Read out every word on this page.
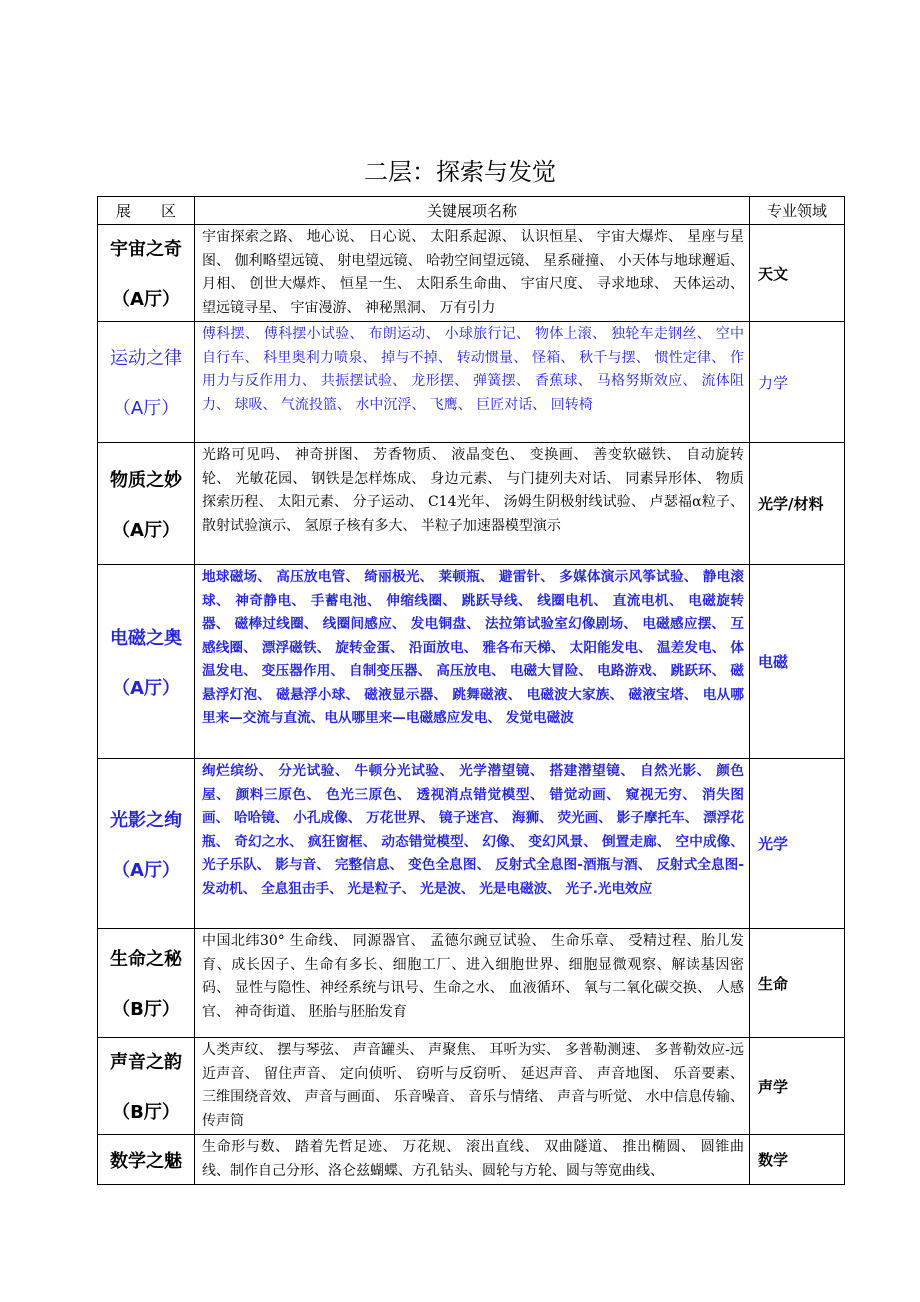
二层：探索与发觉
展　　区	关键展项名称	专业领域

宇宙之奇
（A厅）	宇宙探索之路、 地心说、 日心说、 太阳系起源、 认识恒星、 宇宙大爆炸、 星座与星图、 伽利略望远镜、 射电望远镜、 哈勃空间望远镜、 星系碰撞、 小天体与地球邂逅、 月相、 创世大爆炸、 恒星一生、 太阳系生命曲、 宇宙尺度、 寻求地球、 天体运动、 望远镜寻星、 宇宙漫游、 神秘黑洞、 万有引力	天文

运动之律
（A厅）	傅科摆、 傅科摆小试验、 布朗运动、 小球旅行记、 物体上滚、 独轮车走钢丝、 空中自行车、 科里奥利力喷泉、 掉与不掉、 转动惯量、 怪箱、 秋千与摆、 惯性定律、 作用力与反作用力、 共振摆试验、 龙形摆、 弹簧摆、 香蕉球、 马格努斯效应、 流体阻力、 球吸、 气流投篮、 水中沉浮、 飞鹰、 巨匠对话、 回转椅	力学

物质之妙
（A厅）	光路可见吗、 神奇拼图、 芳香物质、 液晶变色、 变换画、 善变软磁铁、 自动旋转轮、 光敏花园、 钢铁是怎样炼成、 身边元素、 与门捷列夫对话、 同素异形体、 物质探索历程、 太阳元素、 分子运动、 C14光年、 汤姆生阴极射线试验、 卢瑟福α粒子、 散射试验演示、 氢原子核有多大、 半粒子加速器模型演示	光学/材料

电磁之奥
（A厅）	地球磁场、 高压放电管、 绮丽极光、 莱顿瓶、 避雷针、 多媒体演示风筝试验、 静电滚球、 神奇静电、 手蓄电池、 伸缩线圈、 跳跃导线、 线圈电机、 直流电机、 电磁旋转器、 磁棒过线圈、 线圈间感应、 发电铜盘、 法拉第试验室幻像剧场、 电磁感应摆、 互感线圈、 漂浮磁铁、 旋转金蛋、 沿面放电、 雅各布天梯、 太阳能发电、 温差发电、 体温发电、 变压器作用、 自制变压器、 高压放电、 电磁大冒险、 电路游戏、 跳跃环、 磁悬浮灯泡、 磁悬浮小球、 磁液显示器、 跳舞磁液、 电磁波大家族、 磁液宝塔、 电从哪里来—交流与直流、电从哪里来—电磁感应发电、 发觉电磁波	电磁

光影之绚
（A厅）	绚烂缤纷、 分光试验、 牛顿分光试验、 光学潜望镜、 搭建潜望镜、 自然光影、 颜色屋、 颜料三原色、 色光三原色、 透视消点错觉模型、 错觉动画、 窥视无穷、 消失图画、 哈哈镜、 小孔成像、 万花世界、 镜子迷宫、 海狮、 荧光画、 影子摩托车、 漂浮花瓶、 奇幻之水、 疯狂窗框、 动态错觉模型、 幻像、 变幻风景、 倒置走廊、 空中成像、 光子乐队、 影与音、 完整信息、 变色全息图、 反射式全息图-酒瓶与酒、 反射式全息图-发动机、 全息狙击手、 光是粒子、 光是波、 光是电磁波、 光子.光电效应	光学

生命之秘
（B厅）	中国北纬30° 生命线、 同源器官、 孟德尔豌豆试验、 生命乐章、 受精过程、胎儿发育、成长因子、生命有多长、细胞工厂、进入细胞世界、细胞显微观察、解读基因密码、 显性与隐性、神经系统与讯号、生命之水、 血液循环、 氧与二氧化碳交换、 人感官、 神奇街道、 胚胎与胚胎发育	生命

声音之韵
（B厅）	人类声纹、 摆与琴弦、 声音罐头、 声聚焦、 耳听为实、 多普勒测速、 多普勒效应-远近声音、 留住声音、 定向侦听、 窃听与反窃听、 延迟声音、 声音地图、 乐音要素、 三维围绕音效、 声音与画面、 乐音噪音、 音乐与情绪、 声音与听觉、 水中信息传输、 传声筒	声学

数学之魅	生命形与数、 踏着先哲足迹、 万花规、 滚出直线、 双曲隧道、 推出椭圆、 圆锥曲线、制作自己分形、洛仑兹蝴蝶、方孔钻头、圆轮与方轮、圆与等宽曲线、	数学
